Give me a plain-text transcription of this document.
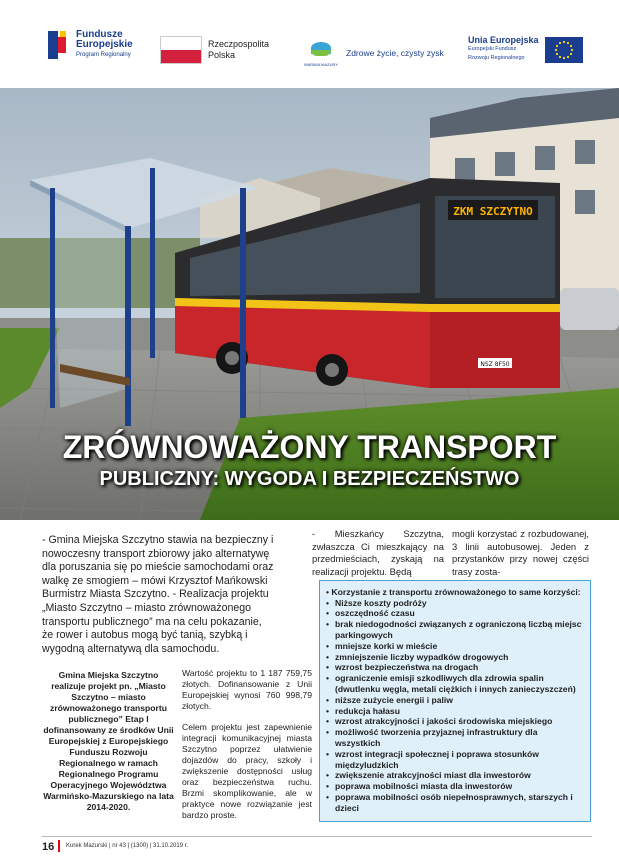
Fundusze
Europejskie
Program Regionalny
Rzeczpospolita
Polska
WARMIA MAZURY
Zdrowe życie, czysty zysk
Unia Europejska
Europejski Fundusz
Rozwoju Regionalnego
ZKM SZCZYTNO
NSZ 8F50
ZRÓWNOWAŻONY TRANSPORT
PUBLICZNY: WYGODA I BEZPIECZEŃSTWO
- Gmina Miejska Szczytno stawia na bezpieczny i
nowoczesny transport zbiorowy jako alternatywę
dla poruszania się po mieście samochodami oraz
walkę ze smogiem – mówi Krzysztof Mańkowski
Burmistrz Miasta Szczytno. - Realizacja projektu
„Miasto Szczytno – miasto zrównoważonego
transportu publicznego” ma na celu pokazanie,
że rower i autobus mogą być tanią, szybką i
wygodną alternatywą dla samochodu.
- Mieszkańcy Szczytna, zwłaszcza Ci mieszkający na przedmieściach, zyskają na realizacji projektu. Będą
mogli korzystać z rozbudowanej, 3 linii autobusowej. Jeden z przystanków przy nowej części trasy zosta-
Gmina Miejska Szczytno realizuje projekt pn. „Miasto Szczytno – miasto zrównoważonego transportu publicznego” Etap I dofinansowany ze środków Unii Europejskiej z Europejskiego Funduszu Rozwoju Regionalnego w ramach Regionalnego Programu Operacyjnego Województwa Warmińsko-Mazurskiego na lata 2014-2020.

Wartość projektu to 1 187 759,75 złotych. Dofinansowanie z Unii Europejskiej wynosi 760 998,79 złotych.

Celem projektu jest zapewnienie integracji komunikacyjnej miasta Szczytno poprzez ułatwienie dojazdów do pracy, szkoły i zwiększenie dostępności usług oraz bezpieczeństwa ruchu. Brzmi skomplikowanie, ale w praktyce nowe rozwiązanie jest bardzo proste.

• Korzystanie z transportu zrównoważonego to same korzyści:
• Niższe koszty podróży
• oszczędność czasu
• brak niedogodności związanych z ograniczoną liczbą miejsc parkingowych
• mniejsze korki w mieście
• zmniejszenie liczby wypadków drogowych
• wzrost bezpieczeństwa na drogach
• ograniczenie emisji szkodliwych dla zdrowia spalin (dwutlenku węgla, metali ciężkich i innych zanieczyszczeń)
• niższe zużycie energii i paliw
• redukcja hałasu
• wzrost atrakcyjności i jakości środowiska miejskiego
• możliwość tworzenia przyjaznej infrastruktury dla wszystkich
• wzrost integracji społecznej i poprawa stosunków międzyludzkich
• zwiększenie atrakcyjności miast dla inwestorów
• poprawa mobilności miasta dla inwestorów
• poprawa mobilności osób niepełnosprawnych, starszych i dzieci
16 Kurek Mazurski | nr 43 | (1300) | 31.10.2019 r.
